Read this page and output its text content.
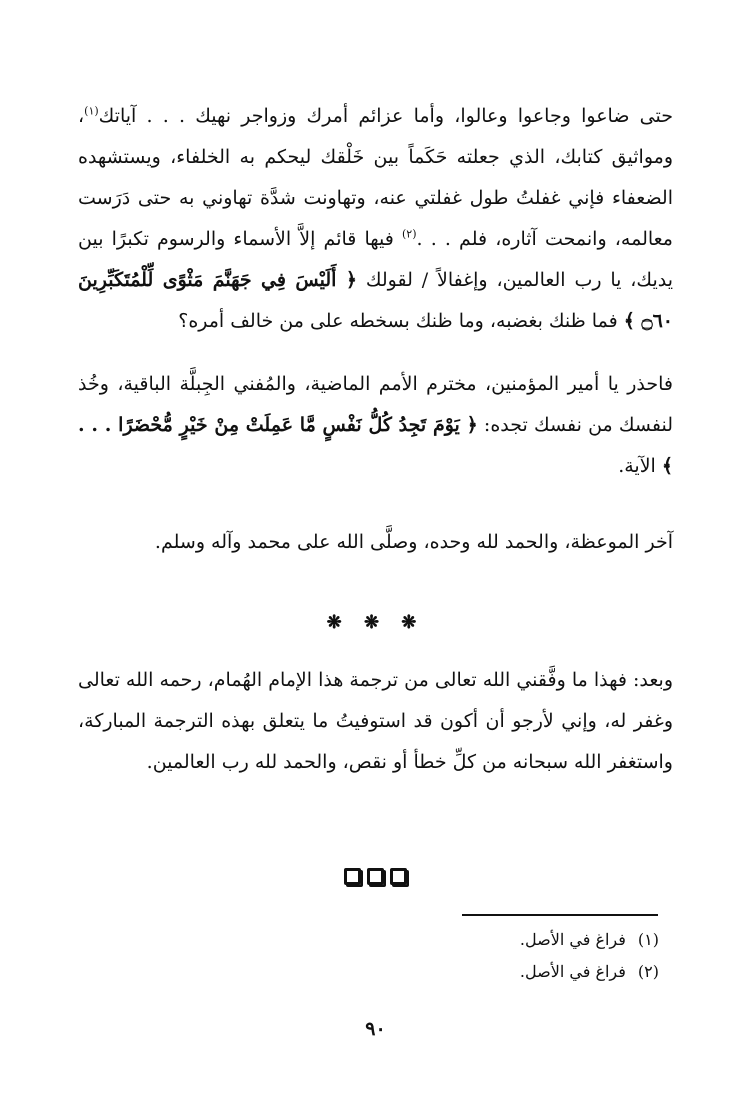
حتى ضاعوا وجاعوا وعالوا، وأما عزائم أمرك وزواجر نهيك . . . آياتك$^{(١)}$، ومواثيق كتابك، الذي جعلته حَكَماً بين خَلْقك ليحكم به الخلفاء، ويستشهده الضعفاء فإني غفلتُ طول غفلتي عنه، وتهاونت شدَّة تهاوني به حتى دَرَست معالمه، وانمحت آثاره، فلم . . .$^{(٢)}$ فيها قائم إلاَّ الأسماء والرسوم تكبرًا بين يديك، يا رب العالمين، وإغفالاً / لقولك ﴿ أَلَيْسَ فِي جَهَنَّمَ مَثْوًى لِّلْمُتَكَبِّرِينَ ۝٦٠ ﴾ فما ظنك بغضبه، وما ظنك بسخطه على من خالف أمره؟

فاحذر يا أمير المؤمنين، مخترم الأمم الماضية، والمُفني الجِبلَّة الباقية، وخُذ لنفسك من نفسك تجده: ﴿ يَوْمَ تَجِدُ كُلُّ نَفْسٍ مَّا عَمِلَتْ مِنْ خَيْرٍ مُّحْضَرًا . . . ﴾ الآية.

آخر الموعظة، والحمد لله وحده، وصلَّى الله على محمد وآله وسلم.

❋ ❋ ❋

وبعد: فهذا ما وفَّقني الله تعالى من ترجمة هذا الإمام الهُمام، رحمه الله تعالى وغفر له، وإني لأرجو أن أكون قد استوفيتُ ما يتعلق بهذه الترجمة المباركة، واستغفر الله سبحانه من كلِّ خطأ أو نقص، والحمد لله رب العالمين.

(١)فراغ في الأصل.
(٢)فراغ في الأصل.
٩٠
